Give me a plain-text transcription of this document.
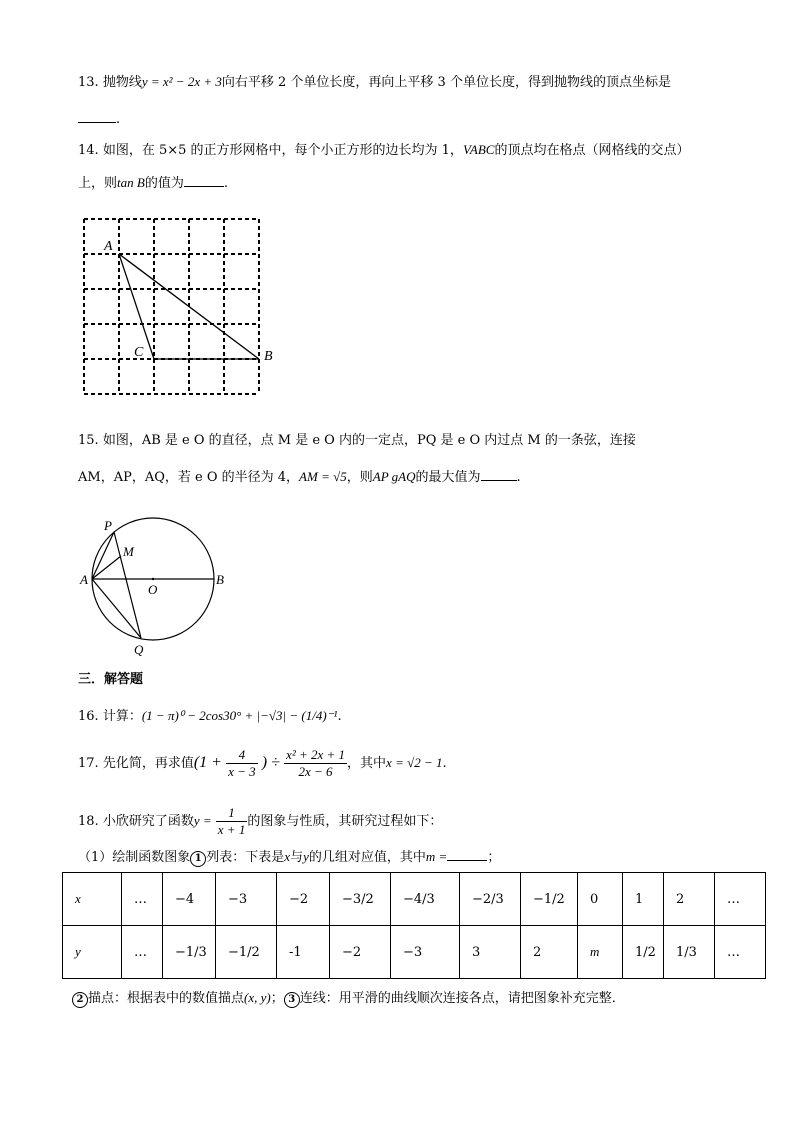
13. 抛物线y = x² − 2x + 3向右平移 2 个单位长度，再向上平移 3 个单位长度，得到抛物线的顶点坐标是
.
14. 如图，在 5×5 的正方形网格中，每个小正方形的边长均为 1，VABC的顶点均在格点（网格线的交点）
上，则tan B的值为	.
A
B
C
15. 如图，AB 是 e O 的直径，点 M 是 e O 内的一定点，PQ 是 e O 内过点 M 的一条弦，连接
AM，AP，AQ，若 e O 的半径为 4，AM = √5，则AP gAQ的最大值为	.
P
M
A
O
B
Q
三．解答题
16. 计算：(1 − π)⁰ − 2cos30° + |−√3| − (1/4)⁻¹.
17. 先化简，再求值($1 + \frac{4}{x - 3}$ ) ÷ $\frac{\text{x² + 2x + 1}}{2x - 6}$ ，其中x = √2 − 1.
18. 小欣研究了函数$y = \frac{1}{x + 1}$ 的图象与性质，其研究过程如下：
（1）绘制函数图象 1 列表：下表是x与y的几组对应值，其中m =	；
x	…	−4	−3	−2	−3/2	−4/3	−2/3	−1/2	0	1	2	…
y	…	−1/3	−1/2	-1	−2	−3	3	2	m	1/2	1/3	…
2 描点：根据表中的数值描点(x, y)； 3 连线：用平滑的曲线顺次连接各点，请把图象补充完整．
